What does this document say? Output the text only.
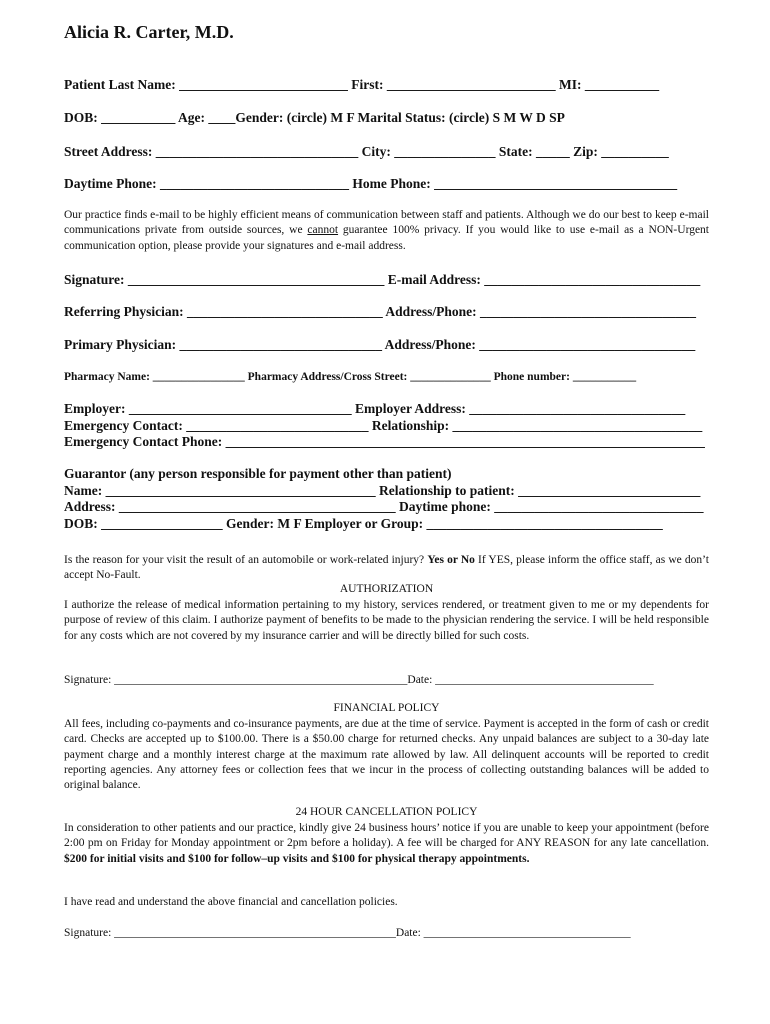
Alicia R. Carter, M.D.
Patient Last Name: _________________________ First: _________________________ MI: ___________
DOB: ___________ Age: ____Gender: (circle) M F Marital Status: (circle) S M W D SP
Street Address: ______________________________ City: _______________ State: _____ Zip: __________
Daytime Phone: ____________________________ Home Phone: ____________________________________
Our practice finds e-mail to be highly efficient means of communication between staff and patients. Although we do our best to keep e-mail communications private from outside sources, we cannot guarantee 100% privacy. If you would like to use e-mail as a NON-Urgent communication option, please provide your signatures and e-mail address.
Signature: ______________________________________ E-mail Address: ________________________________
Referring Physician: _____________________________ Address/Phone: ________________________________
Primary Physician: ______________________________ Address/Phone: ________________________________
Pharmacy Name: ________________ Pharmacy Address/Cross Street: ______________ Phone number: ___________
Employer: _________________________________ Employer Address: ________________________________
Emergency Contact: ___________________________ Relationship: _____________________________________
Emergency Contact Phone: _______________________________________________________________________
Guarantor (any person responsible for payment other than patient)
Name: ________________________________________ Relationship to patient: ___________________________
Address: _________________________________________ Daytime phone: _______________________________
DOB: __________________ Gender: M F Employer or Group: ___________________________________
Is the reason for your visit the result of an automobile or work-related injury? Yes or No If YES, please inform the office staff, as we don’t accept No-Fault.
AUTHORIZATION
I authorize the release of medical information pertaining to my history, services rendered, or treatment given to me or my dependents for purpose of review of this claim. I authorize payment of benefits to be made to the physician rendering the service. I will be held responsible for any costs which are not covered by my insurance carrier and will be directly billed for such costs.
Signature: ___________________________________________________Date: ______________________________________
FINANCIAL POLICY
All fees, including co-payments and co-insurance payments, are due at the time of service. Payment is accepted in the form of cash or credit card. Checks are accepted up to $100.00. There is a $50.00 charge for returned checks. Any unpaid balances are subject to a 30-day late payment charge and a monthly interest charge at the maximum rate allowed by law. All delinquent accounts will be reported to credit reporting agencies. Any attorney fees or collection fees that we incur in the process of collecting outstanding balances will be added to original balance.
24 HOUR CANCELLATION POLICY
In consideration to other patients and our practice, kindly give 24 business hours’ notice if you are unable to keep your appointment (before 2:00 pm on Friday for Monday appointment or 2pm before a holiday). A fee will be charged for ANY REASON for any late cancellation. $200 for initial visits and $100 for follow–up visits and $100 for physical therapy appointments.
I have read and understand the above financial and cancellation policies.
Signature: _________________________________________________Date: ____________________________________
